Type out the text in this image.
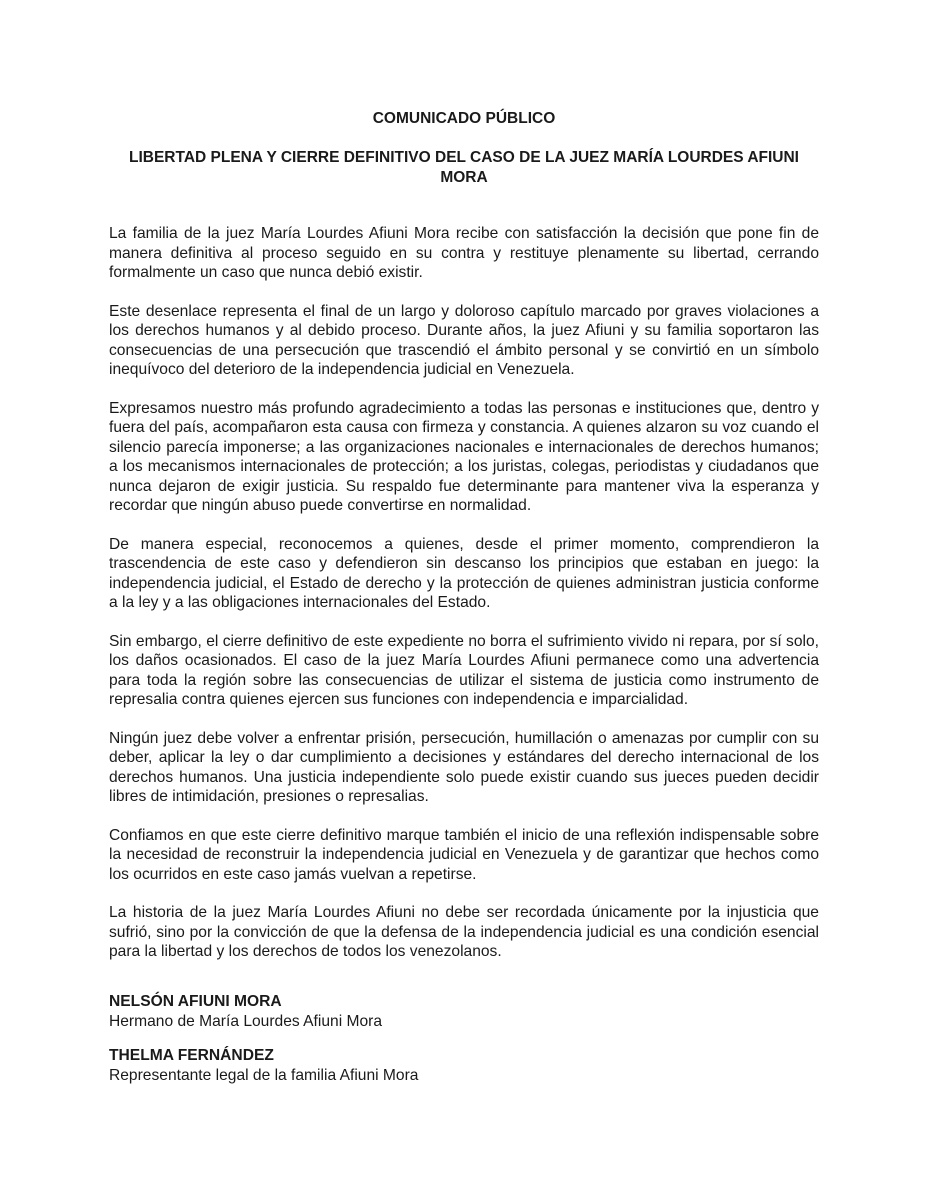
COMUNICADO PÚBLICO
LIBERTAD PLENA Y CIERRE DEFINITIVO DEL CASO DE LA JUEZ MARÍA LOURDES AFIUNI MORA

La familia de la juez María Lourdes Afiuni Mora recibe con satisfacción la decisión que pone fin de manera definitiva al proceso seguido en su contra y restituye plenamente su libertad, cerrando formalmente un caso que nunca debió existir.

Este desenlace representa el final de un largo y doloroso capítulo marcado por graves violaciones a los derechos humanos y al debido proceso. Durante años, la juez Afiuni y su familia soportaron las consecuencias de una persecución que trascendió el ámbito personal y se convirtió en un símbolo inequívoco del deterioro de la independencia judicial en Venezuela.

Expresamos nuestro más profundo agradecimiento a todas las personas e instituciones que, dentro y fuera del país, acompañaron esta causa con firmeza y constancia. A quienes alzaron su voz cuando el silencio parecía imponerse; a las organizaciones nacionales e internacionales de derechos humanos; a los mecanismos internacionales de protección; a los juristas, colegas, periodistas y ciudadanos que nunca dejaron de exigir justicia. Su respaldo fue determinante para mantener viva la esperanza y recordar que ningún abuso puede convertirse en normalidad.

De manera especial, reconocemos a quienes, desde el primer momento, comprendieron la trascendencia de este caso y defendieron sin descanso los principios que estaban en juego: la independencia judicial, el Estado de derecho y la protección de quienes administran justicia conforme a la ley y a las obligaciones internacionales del Estado.

Sin embargo, el cierre definitivo de este expediente no borra el sufrimiento vivido ni repara, por sí solo, los daños ocasionados. El caso de la juez María Lourdes Afiuni permanece como una advertencia para toda la región sobre las consecuencias de utilizar el sistema de justicia como instrumento de represalia contra quienes ejercen sus funciones con independencia e imparcialidad.

Ningún juez debe volver a enfrentar prisión, persecución, humillación o amenazas por cumplir con su deber, aplicar la ley o dar cumplimiento a decisiones y estándares del derecho internacional de los derechos humanos. Una justicia independiente solo puede existir cuando sus jueces pueden decidir libres de intimidación, presiones o represalias.

Confiamos en que este cierre definitivo marque también el inicio de una reflexión indispensable sobre la necesidad de reconstruir la independencia judicial en Venezuela y de garantizar que hechos como los ocurridos en este caso jamás vuelvan a repetirse.

La historia de la juez María Lourdes Afiuni no debe ser recordada únicamente por la injusticia que sufrió, sino por la convicción de que la defensa de la independencia judicial es una condición esencial para la libertad y los derechos de todos los venezolanos.

NELSÓN AFIUNI MORA
Hermano de María Lourdes Afiuni Mora
THELMA FERNÁNDEZ
Representante legal de la familia Afiuni Mora
